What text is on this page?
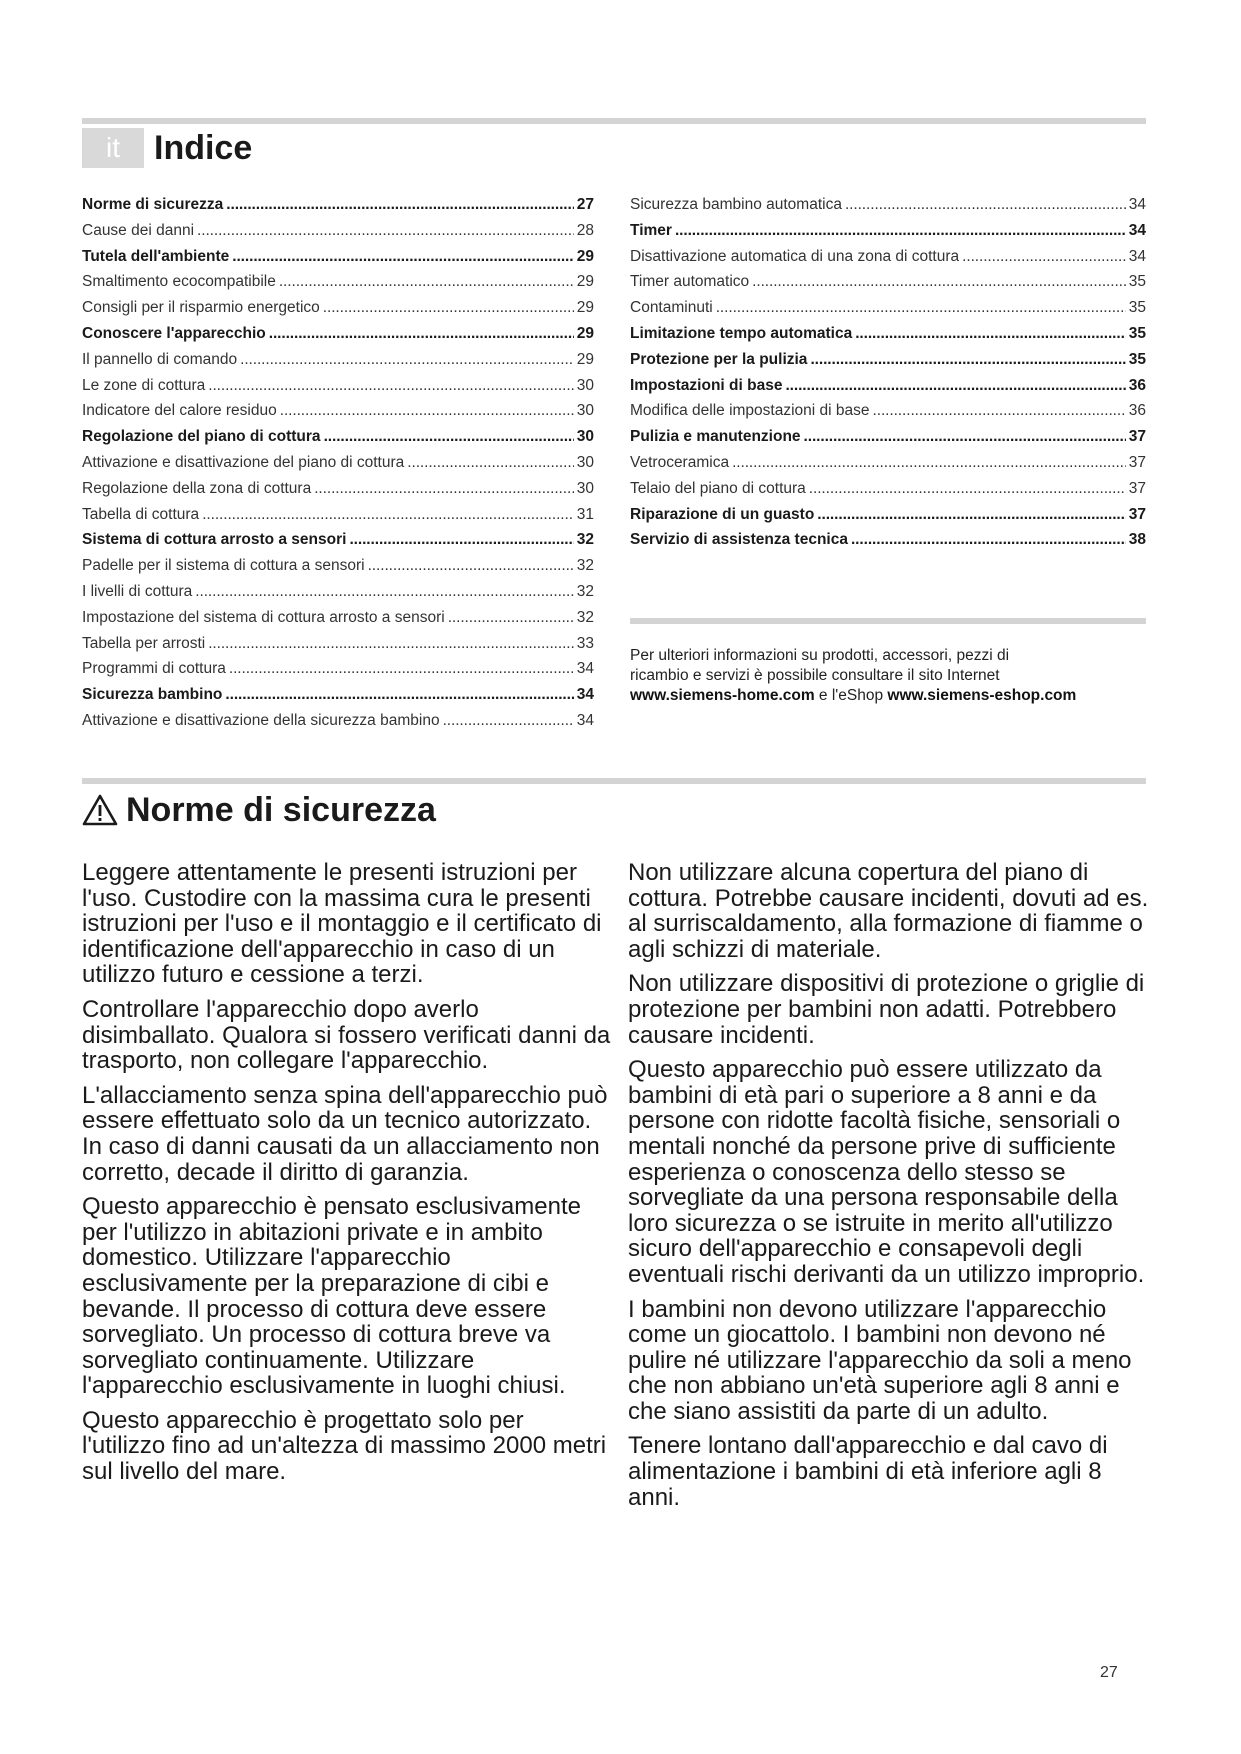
it	Indice
Norme di sicurezza . . .	27
Cause dei danni . . .	28
Tutela dell'ambiente . . .	29
Smaltimento ecocompatibile . . .	29
Consigli per il risparmio energetico . . .	29
Conoscere l'apparecchio . . .	29
Il pannello di comando . . .	29
Le zone di cottura . . .	30
Indicatore del calore residuo . . .	30
Regolazione del piano di cottura . . .	30
Attivazione e disattivazione del piano di cottura . . .	30
Regolazione della zona di cottura . . .	30
Tabella di cottura . . .	31
Sistema di cottura arrosto a sensori . . .	32
Padelle per il sistema di cottura a sensori . . .	32
I livelli di cottura . . .	32
Impostazione del sistema di cottura arrosto a sensori . . .	32
Tabella per arrosti . . .	33
Programmi di cottura . . .	34
Sicurezza bambino . . .	34
Attivazione e disattivazione della sicurezza bambino . . .	34
Sicurezza bambino automatica . . .	34
Timer . . .	34
Disattivazione automatica di una zona di cottura . . .	34
Timer automatico . . .	35
Contaminuti . . .	35
Limitazione tempo automatica . . .	35
Protezione per la pulizia . . .	35
Impostazioni di base . . .	36
Modifica delle impostazioni di base . . .	36
Pulizia e manutenzione . . .	37
Vetroceramica . . .	37
Telaio del piano di cottura . . .	37
Riparazione di un guasto . . .	37
Servizio di assistenza tecnica . . .	38
Per ulteriori informazioni su prodotti, accessori, pezzi di
ricambio e servizi è possibile consultare il sito Internet
www.siemens-home.com e l'eShop www.siemens-eshop.com
Norme di sicurezza

Leggere attentamente le presenti istruzioni per l'uso. Custodire con la massima cura le presenti istruzioni per l'uso e il montaggio e il certificato di identificazione dell'apparecchio in caso di un utilizzo futuro e cessione a terzi.

Controllare l'apparecchio dopo averlo disimballato. Qualora si fossero verificati danni da trasporto, non collegare l'apparecchio.

L'allacciamento senza spina dell'apparecchio può essere effettuato solo da un tecnico autorizzato. In caso di danni causati da un allacciamento non corretto, decade il diritto di garanzia.

Questo apparecchio è pensato esclusivamente per l'utilizzo in abitazioni private e in ambito domestico. Utilizzare l'apparecchio esclusivamente per la preparazione di cibi e bevande. Il processo di cottura deve essere sorvegliato. Un processo di cottura breve va sorvegliato continuamente. Utilizzare l'apparecchio esclusivamente in luoghi chiusi.

Questo apparecchio è progettato solo per l'utilizzo fino ad un'altezza di massimo 2000 metri sul livello del mare.

Non utilizzare alcuna copertura del piano di cottura. Potrebbe causare incidenti, dovuti ad es. al surriscaldamento, alla formazione di fiamme o agli schizzi di materiale.

Non utilizzare dispositivi di protezione o griglie di protezione per bambini non adatti. Potrebbero causare incidenti.

Questo apparecchio può essere utilizzato da bambini di età pari o superiore a 8 anni e da persone con ridotte facoltà fisiche, sensoriali o mentali nonché da persone prive di sufficiente esperienza o conoscenza dello stesso se sorvegliate da una persona responsabile della loro sicurezza o se istruite in merito all'utilizzo sicuro dell'apparecchio e consapevoli degli eventuali rischi derivanti da un utilizzo improprio.

I bambini non devono utilizzare l'apparecchio come un giocattolo. I bambini non devono né pulire né utilizzare l'apparecchio da soli a meno che non abbiano un'età superiore agli 8 anni e che siano assistiti da parte di un adulto.

Tenere lontano dall'apparecchio e dal cavo di alimentazione i bambini di età inferiore agli 8 anni.

27
